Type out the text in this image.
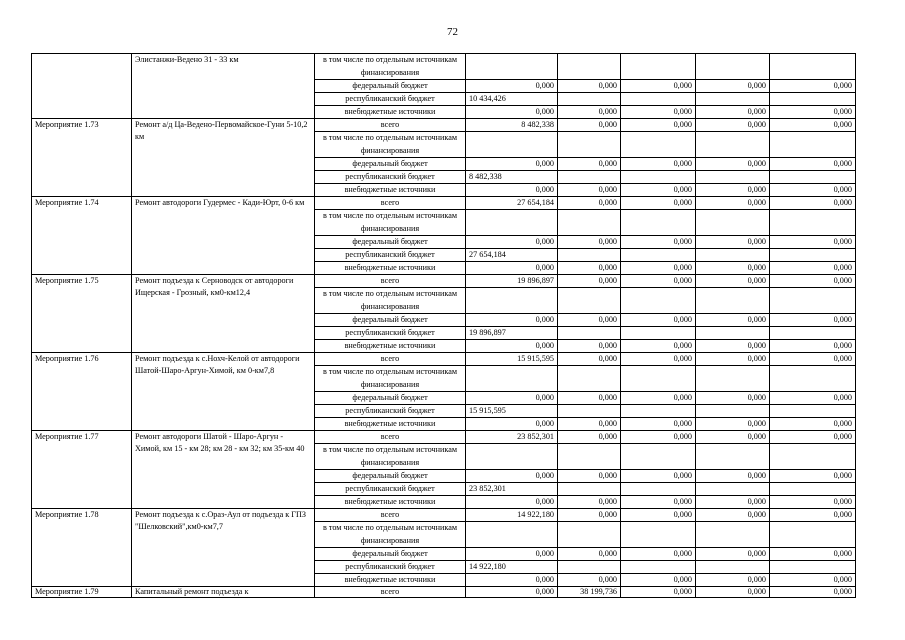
72
	Элистанжи-Ведено 31 - 33 км	в том числе по отдельным источникам финансирования					
		федеральный бюджет	0,000	0,000	0,000	0,000	0,000
		республиканский бюджет	10 434,426				
		внебюджетные источники	0,000	0,000	0,000	0,000	0,000
Мероприятие 1.73	Ремонт а/д Ца-Ведено-Первомайское-Гуни 5-10,2 км	всего	8 482,338	0,000	0,000	0,000	0,000
		в том числе по отдельным источникам финансирования					
		федеральный бюджет	0,000	0,000	0,000	0,000	0,000
		республиканский бюджет	8 482,338				
		внебюджетные источники	0,000	0,000	0,000	0,000	0,000
Мероприятие 1.74	Ремонт автодороги Гудермес - Кади-Юрт, 0-6 км	всего	27 654,184	0,000	0,000	0,000	0,000
		в том числе по отдельным источникам финансирования					
		федеральный бюджет	0,000	0,000	0,000	0,000	0,000
		республиканский бюджет	27 654,184				
		внебюджетные источники	0,000	0,000	0,000	0,000	0,000
Мероприятие 1.75	Ремонт подъезда к Серноводск от автодороги Ищерская - Грозный, км0-км12,4	всего	19 896,897	0,000	0,000	0,000	0,000
		в том числе по отдельным источникам финансирования					
		федеральный бюджет	0,000	0,000	0,000	0,000	0,000
		республиканский бюджет	19 896,897				
		внебюджетные источники	0,000	0,000	0,000	0,000	0,000
Мероприятие 1.76	Ремонт подъезда к с.Нохч-Келой от автодороги Шатой-Шаро-Аргун-Химой, км 0-км7,8	всего	15 915,595	0,000	0,000	0,000	0,000
		в том числе по отдельным источникам финансирования					
		федеральный бюджет	0,000	0,000	0,000	0,000	0,000
		республиканский бюджет	15 915,595				
		внебюджетные источники	0,000	0,000	0,000	0,000	0,000
Мероприятие 1.77	Ремонт автодороги Шатой - Шаро-Аргун - Химой, км 15 - км 28; км 28 - км 32; км 35-км 40	всего	23 852,301	0,000	0,000	0,000	0,000
		в том числе по отдельным источникам финансирования					
		федеральный бюджет	0,000	0,000	0,000	0,000	0,000
		республиканский бюджет	23 852,301				
		внебюджетные источники	0,000	0,000	0,000	0,000	0,000
Мероприятие 1.78	Ремонт подъезда к с.Ораз-Аул от подъезда к ГПЗ "Шелковский",км0-км7,7	всего	14 922,180	0,000	0,000	0,000	0,000
		в том числе по отдельным источникам финансирования					
		федеральный бюджет	0,000	0,000	0,000	0,000	0,000
		республиканский бюджет	14 922,180				
		внебюджетные источники	0,000	0,000	0,000	0,000	0,000
Мероприятие 1.79	Капитальный ремонт подъезда к	всего	0,000	38 199,736	0,000	0,000	0,000
